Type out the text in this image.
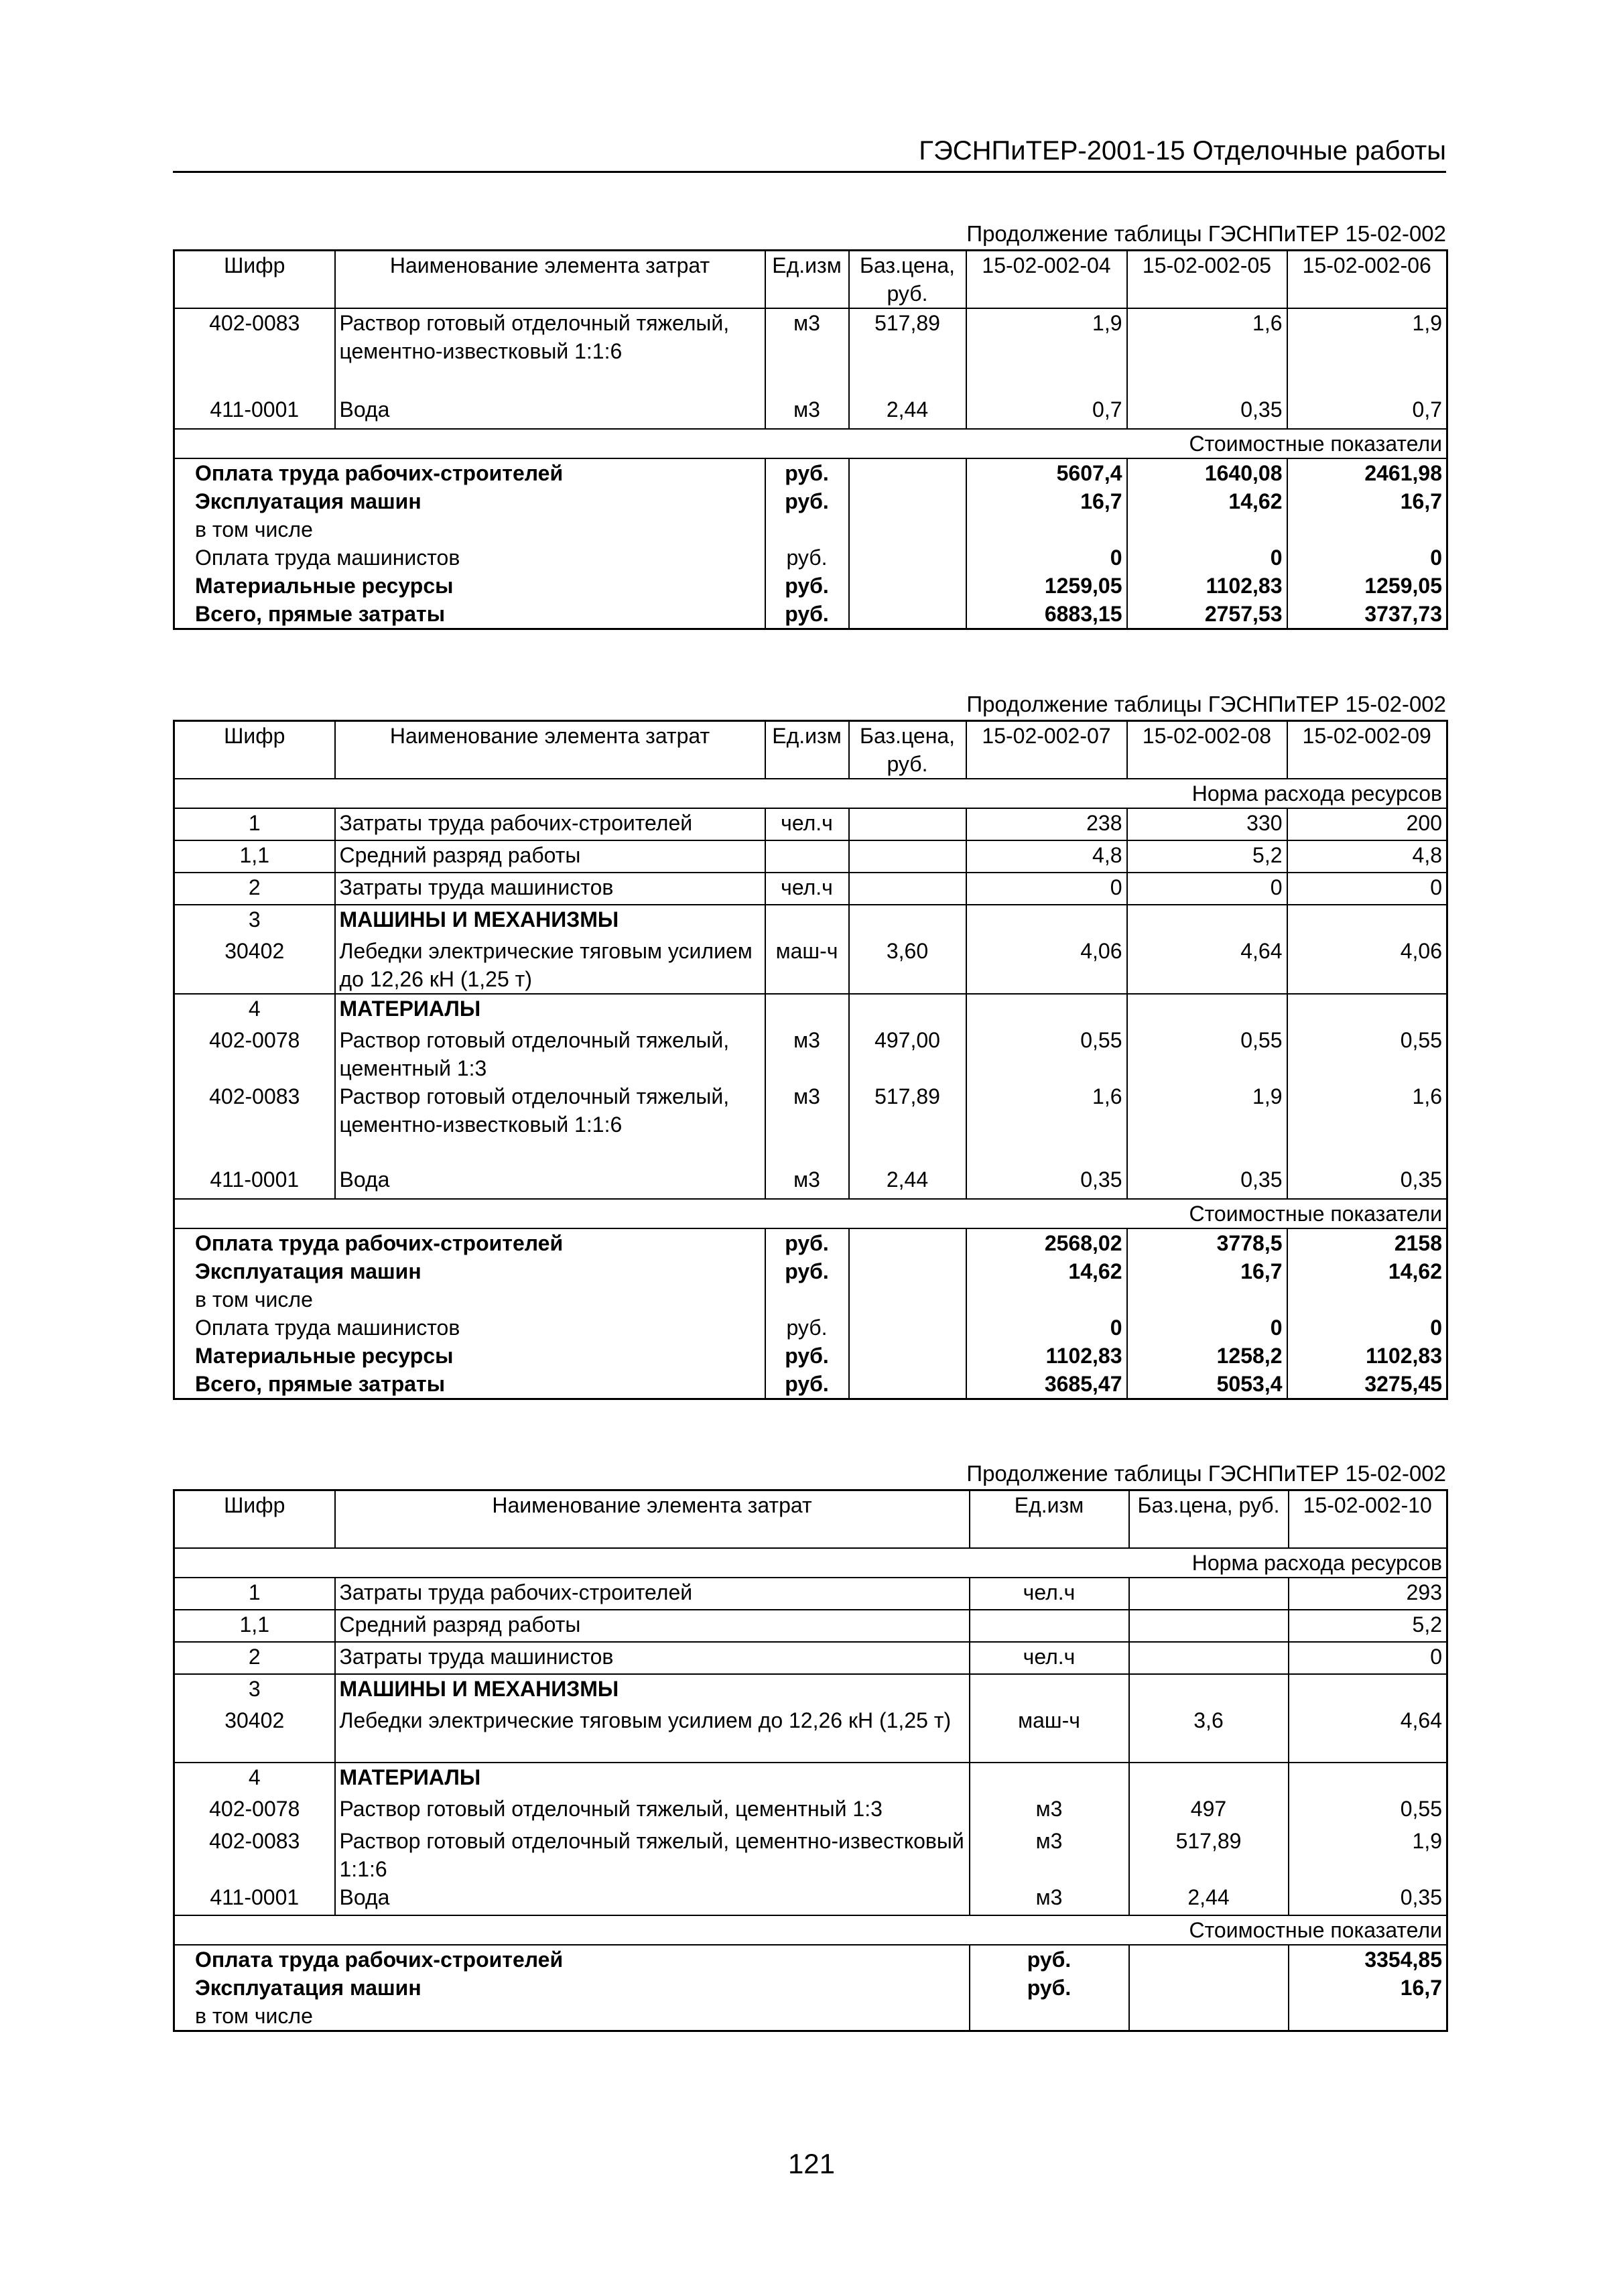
ГЭСНПиТЕР-2001-15 Отделочные работы
Продолжение таблицы ГЭСНПиТЕР 15-02-002
Шифр	Наименование элемента затрат	Ед.изм	Баз.цена, руб.	15-02-002-04	15-02-002-05	15-02-002-06
402-0083	Раствор готовый отделочный тяжелый, цементно-известковый 1:1:6	м3	517,89	1,9	1,6	1,9
411-0001	Вода	м3	2,44	0,7	0,35	0,7
Стоимостные показатели						
Оплата труда рабочих-строителей		руб.		5607,4	1640,08	2461,98
Эксплуатация машин		руб.		16,7	14,62	16,7
в том числе						
Оплата труда машинистов		руб.		0	0	0
Материальные ресурсы		руб.		1259,05	1102,83	1259,05
Всего, прямые затраты		руб.		6883,15	2757,53	3737,73
Продолжение таблицы ГЭСНПиТЕР 15-02-002
Шифр	Наименование элемента затрат	Ед.изм	Баз.цена, руб.	15-02-002-07	15-02-002-08	15-02-002-09
Норма расхода ресурсов						
1	Затраты труда рабочих-строителей	чел.ч		238	330	200
1,1	Средний разряд работы			4,8	5,2	4,8
2	Затраты труда машинистов	чел.ч		0	0	0
3	МАШИНЫ И МЕХАНИЗМЫ					
30402	Лебедки электрические тяговым усилием до 12,26 кН (1,25 т)	маш-ч	3,60	4,06	4,64	4,06
4	МАТЕРИАЛЫ					
402-0078	Раствор готовый отделочный тяжелый, цементный 1:3	м3	497,00	0,55	0,55	0,55
402-0083	Раствор готовый отделочный тяжелый, цементно-известковый 1:1:6	м3	517,89	1,6	1,9	1,6
411-0001	Вода	м3	2,44	0,35	0,35	0,35
Стоимостные показатели						
Оплата труда рабочих-строителей		руб.		2568,02	3778,5	2158
Эксплуатация машин		руб.		14,62	16,7	14,62
в том числе						
Оплата труда машинистов		руб.		0	0	0
Материальные ресурсы		руб.		1102,83	1258,2	1102,83
Всего, прямые затраты		руб.		3685,47	5053,4	3275,45
Продолжение таблицы ГЭСНПиТЕР 15-02-002
Шифр	Наименование элемента затрат	Ед.изм	Баз.цена, руб.	15-02-002-10
Норма расхода ресурсов				
1	Затраты труда рабочих-строителей	чел.ч		293
1,1	Средний разряд работы			5,2
2	Затраты труда машинистов	чел.ч		0
3	МАШИНЫ И МЕХАНИЗМЫ			
30402	Лебедки электрические тяговым усилием до 12,26 кН (1,25 т)	маш-ч	3,6	4,64
4	МАТЕРИАЛЫ			
402-0078	Раствор готовый отделочный тяжелый, цементный 1:3	м3	497	0,55
402-0083	Раствор готовый отделочный тяжелый, цементно-известковый 1:1:6	м3	517,89	1,9
411-0001	Вода	м3	2,44	0,35
Стоимостные показатели				
Оплата труда рабочих-строителей		руб.		3354,85
Эксплуатация машин		руб.		16,7
в том числе				
121
